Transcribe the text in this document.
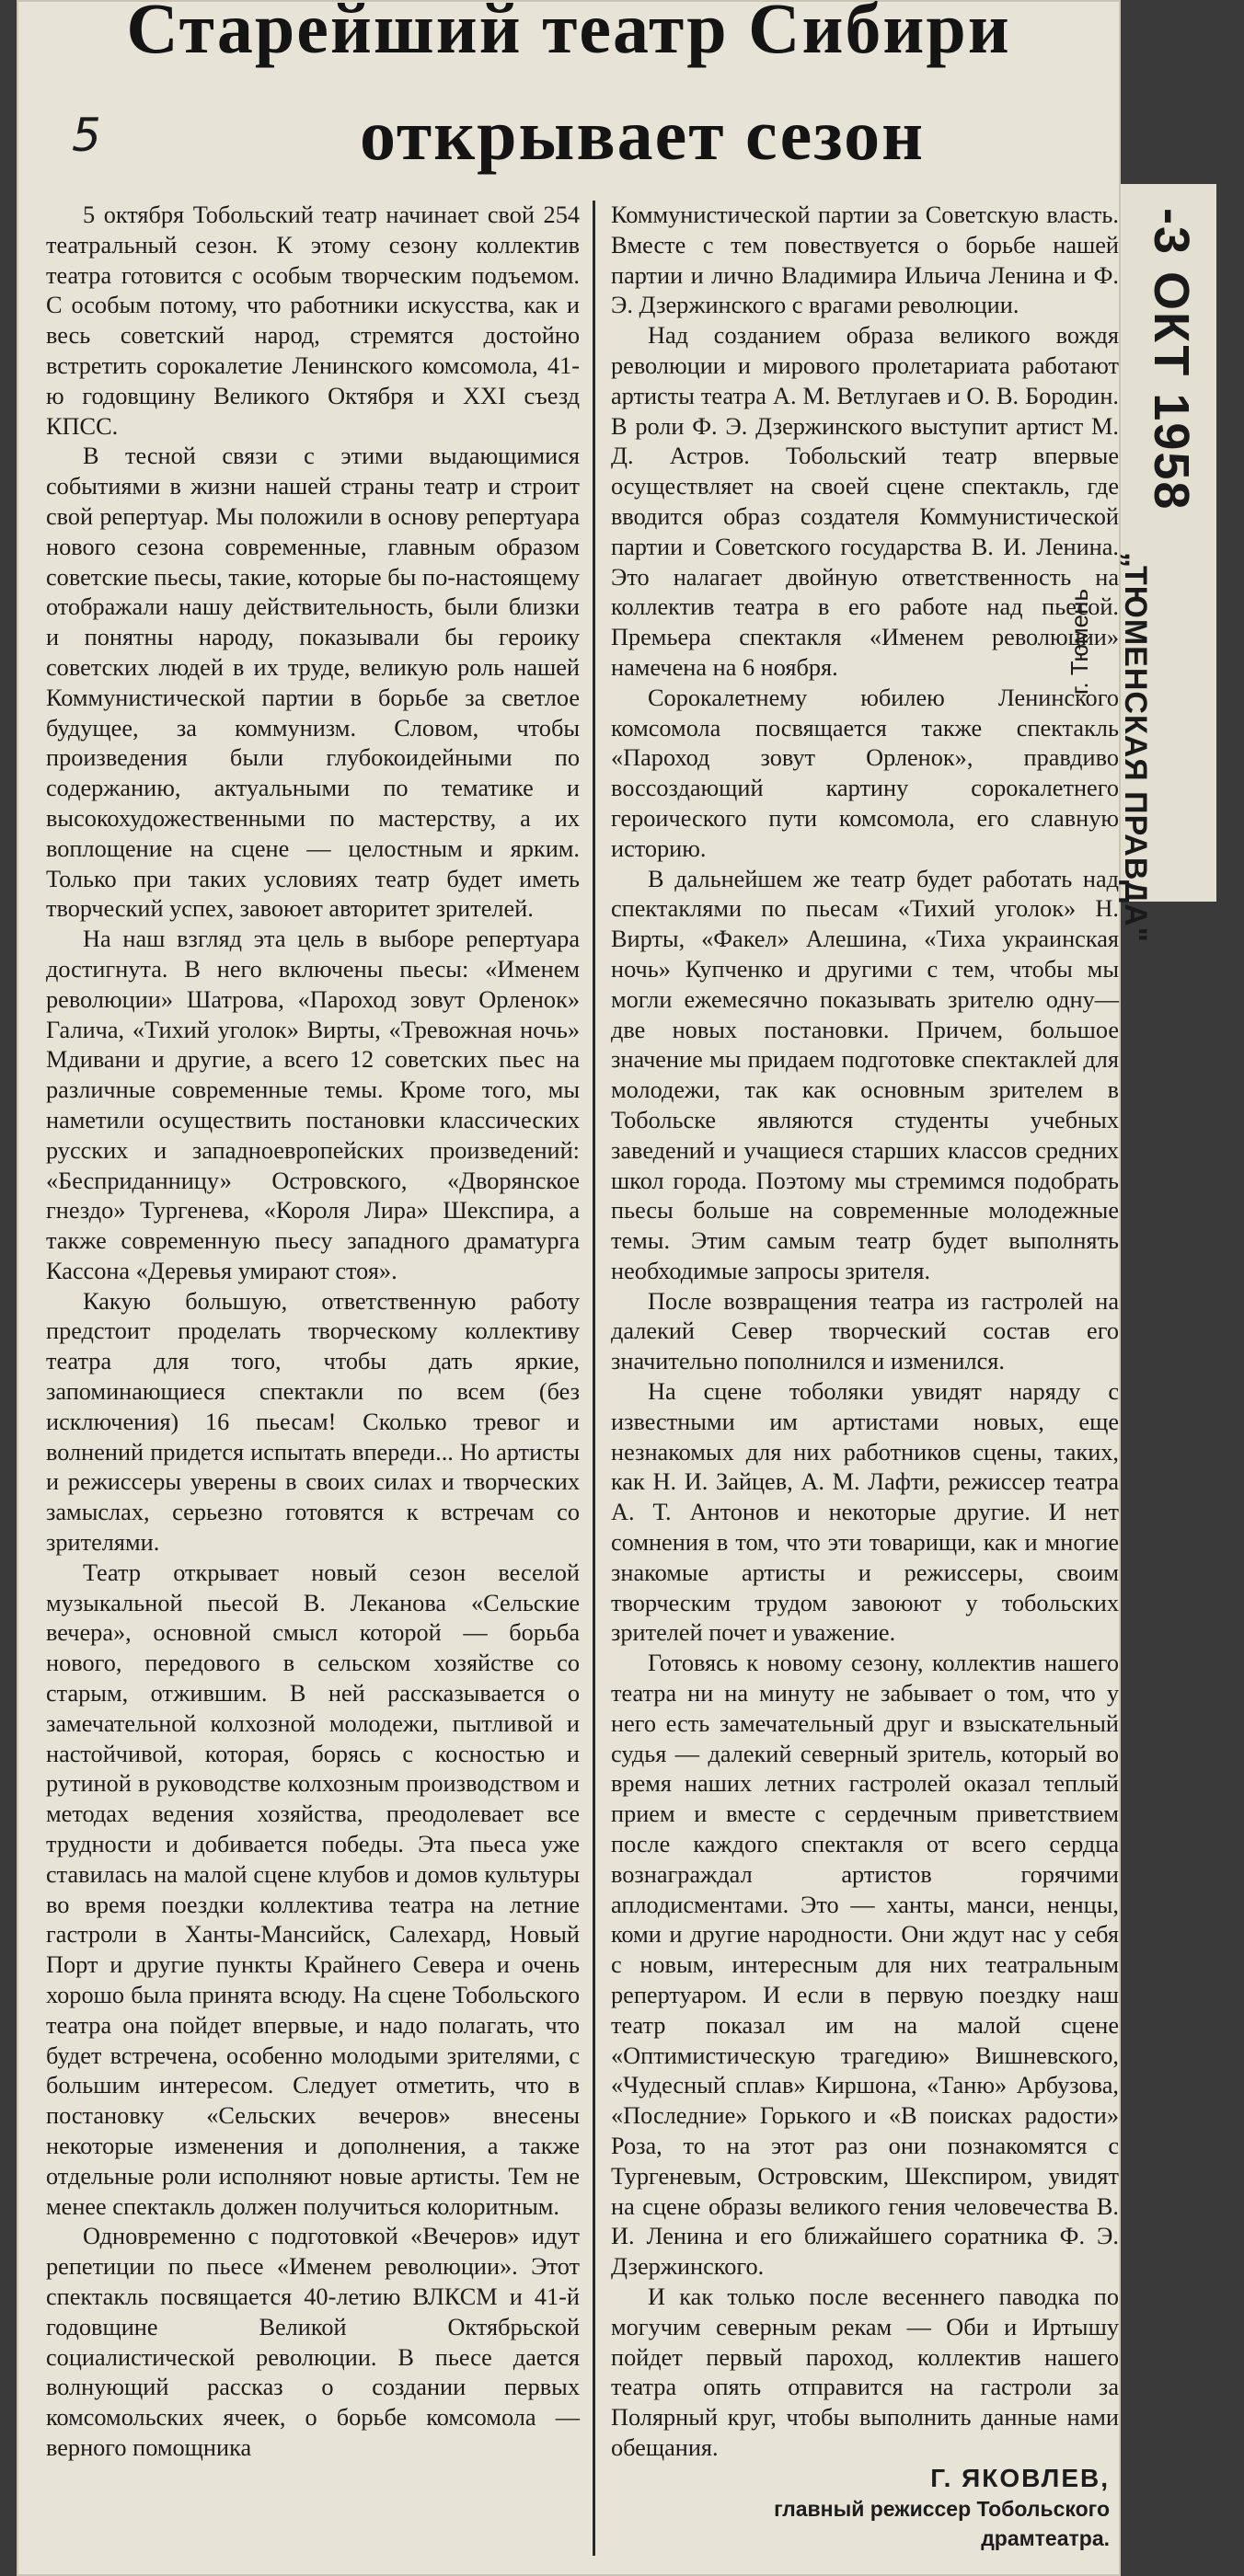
5
Старейший театр Сибири
открывает сезон

5 октября Тобольский театр начинает свой 254 театральный сезон. К этому сезону коллектив театра готовится с особым творческим подъемом. С особым потому, что работники искусства, как и весь советский народ, стремятся достойно встретить сорокалетие Ленинского комсомола, 41-ю годовщину Великого Октября и XXI съезд КПСС.

В тесной связи с этими выдающимися событиями в жизни нашей страны театр и строит свой репертуар. Мы положили в основу репертуара нового сезона современные, главным образом советские пьесы, такие, которые бы по-настоящему отображали нашу действительность, были близки и понятны народу, показывали бы героику советских людей в их труде, великую роль нашей Коммунистической партии в борьбе за светлое будущее, за коммунизм. Словом, чтобы произведения были глубокоидейными по содержанию, актуальными по тематике и высокохудожественными по мастерству, а их воплощение на сцене — целостным и ярким. Только при таких условиях театр будет иметь творческий успех, завоюет авторитет зрителей.

На наш взгляд эта цель в выборе репертуара достигнута. В него включены пьесы: «Именем революции» Шатрова, «Пароход зовут Орленок» Галича, «Тихий уголок» Вирты, «Тревожная ночь» Мдивани и другие, а всего 12 советских пьес на различные современные темы. Кроме того, мы наметили осуществить постановки классических русских и западноевропейских произведений: «Бесприданницу» Островского, «Дворянское гнездо» Тургенева, «Короля Лира» Шекспира, а также современную пьесу западного драматурга Кассона «Деревья умирают стоя».

Какую большую, ответственную работу предстоит проделать творческому коллективу театра для того, чтобы дать яркие, запоминающиеся спектакли по всем (без исключения) 16 пьесам! Сколько тревог и волнений придется испытать впереди... Но артисты и режиссеры уверены в своих силах и творческих замыслах, серьезно готовятся к встречам со зрителями.

Театр открывает новый сезон веселой музыкальной пьесой В. Леканова «Сельские вечера», основной смысл которой — борьба нового, передового в сельском хозяйстве со старым, отжившим. В ней рассказывается о замечательной колхозной молодежи, пытливой и настойчивой, которая, борясь с косностью и рутиной в руководстве колхозным производством и методах ведения хозяйства, преодолевает все трудности и добивается победы. Эта пьеса уже ставилась на малой сцене клубов и домов культуры во время поездки коллектива театра на летние гастроли в Ханты-Мансийск, Салехард, Новый Порт и другие пункты Крайнего Севера и очень хорошо была принята всюду. На сцене Тобольского театра она пойдет впервые, и надо полагать, что будет встречена, особенно молодыми зрителями, с большим интересом. Следует отметить, что в постановку «Сельских вечеров» внесены некоторые изменения и дополнения, а также отдельные роли исполняют новые артисты. Тем не менее спектакль должен получиться колоритным.

Одновременно с подготовкой «Вечеров» идут репетиции по пьесе «Именем революции». Этот спектакль посвящается 40-летию ВЛКСМ и 41-й годовщине Великой Октябрьской социалистической революции. В пьесе дается волнующий рассказ о создании первых комсомольских ячеек, о борьбе комсомола — верного помощника

Коммунистической партии за Советскую власть. Вместе с тем повествуется о борьбе нашей партии и лично Владимира Ильича Ленина и Ф. Э. Дзержинского с врагами революции.

Над созданием образа великого вождя революции и мирового пролетариата работают артисты театра А. М. Ветлугаев и О. В. Бородин. В роли Ф. Э. Дзержинского выступит артист М. Д. Астров. Тобольский театр впервые осуществляет на своей сцене спектакль, где вводится образ создателя Коммунистической партии и Советского государства В. И. Ленина. Это налагает двойную ответственность на коллектив театра в его работе над пьесой. Премьера спектакля «Именем революции» намечена на 6 ноября.

Сорокалетнему юбилею Ленинского комсомола посвящается также спектакль «Пароход зовут Орленок», правдиво воссоздающий картину сорокалетнего героического пути комсомола, его славную историю.

В дальнейшем же театр будет работать над спектаклями по пьесам «Тихий уголок» Н. Вирты, «Факел» Алешина, «Тиха украинская ночь» Купченко и другими с тем, чтобы мы могли ежемесячно показывать зрителю одну—две новых постановки. Причем, большое значение мы придаем подготовке спектаклей для молодежи, так как основным зрителем в Тобольске являются студенты учебных заведений и учащиеся старших классов средних школ города. Поэтому мы стремимся подобрать пьесы больше на современные молодежные темы. Этим самым театр будет выполнять необходимые запросы зрителя.

После возвращения театра из гастролей на далекий Север творческий состав его значительно пополнился и изменился.

На сцене тоболяки увидят наряду с известными им артистами новых, еще незнакомых для них работников сцены, таких, как Н. И. Зайцев, А. М. Лафти, режиссер театра А. Т. Антонов и некоторые другие. И нет сомнения в том, что эти товарищи, как и многие знакомые артисты и режиссеры, своим творческим трудом завоюют у тобольских зрителей почет и уважение.

Готовясь к новому сезону, коллектив нашего театра ни на минуту не забывает о том, что у него есть замечательный друг и взыскательный судья — далекий северный зритель, который во время наших летних гастролей оказал теплый прием и вместе с сердечным приветствием после каждого спектакля от всего сердца вознаграждал артистов горячими аплодисментами. Это — ханты, манси, ненцы, коми и другие народности. Они ждут нас у себя с новым, интересным для них театральным репертуаром. И если в первую поездку наш театр показал им на малой сцене «Оптимистическую трагедию» Вишневского, «Чудесный сплав» Киршона, «Таню» Арбузова, «Последние» Горького и «В поисках радости» Роза, то на этот раз они познакомятся с Тургеневым, Островским, Шекспиром, увидят на сцене образы великого гения человечества В. И. Ленина и его ближайшего соратника Ф. Э. Дзержинского.

И как только после весеннего паводка по могучим северным рекам — Оби и Иртышу пойдет первый пароход, коллектив нашего театра опять отправится на гастроли за Полярный круг, чтобы выполнить данные нами обещания.

Г. ЯКОВЛЕВ,

главный режиссер Тобольского

драмтеатра.

-3 ОКТ 1958
„ТЮМЕНСКАЯ ПРАВДА"
г. Тюмень
